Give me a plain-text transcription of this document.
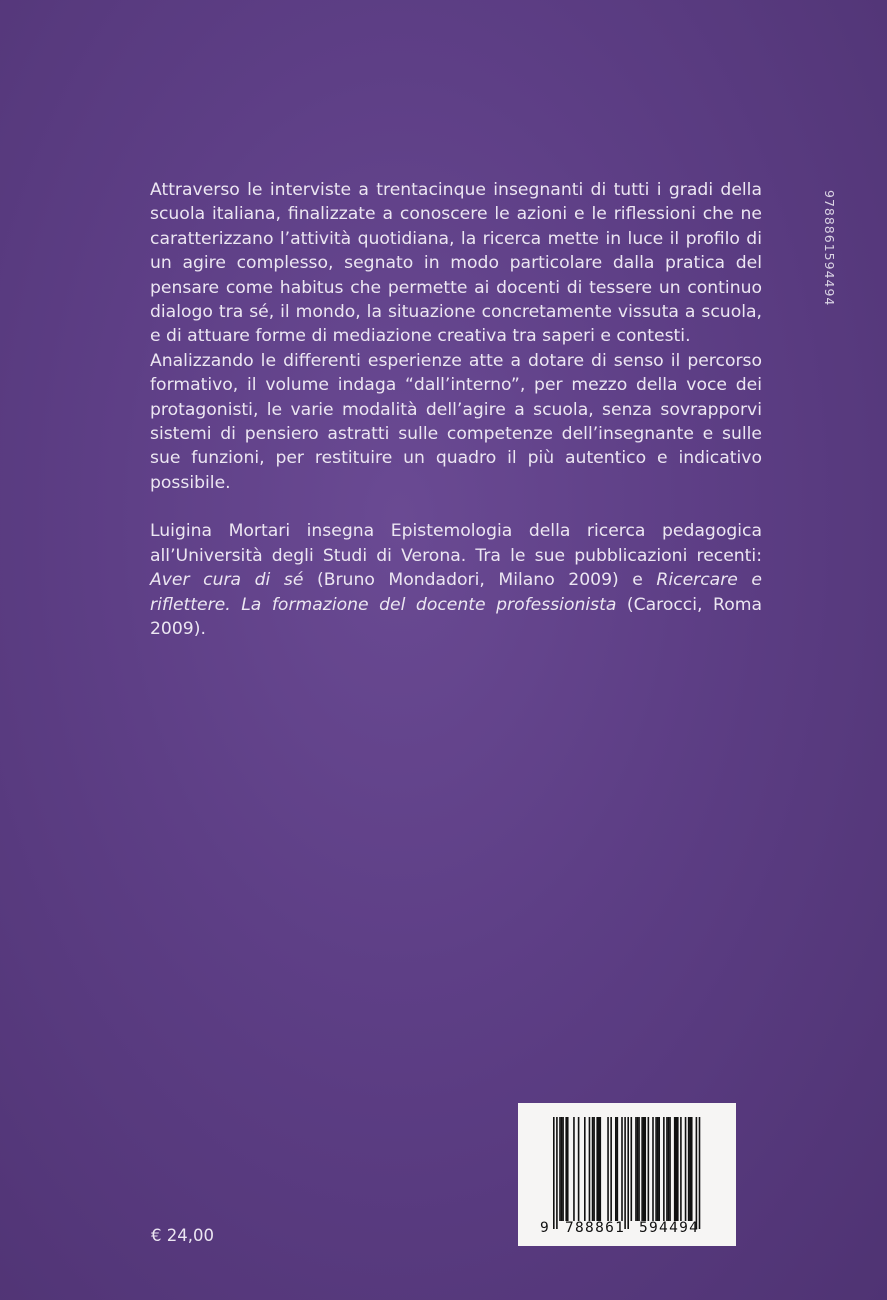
Attraverso le interviste a trentacinque insegnanti di tutti i gradi della scuola italiana, finalizzate a conoscere le azioni e le riflessioni che ne caratterizzano l’attività quotidiana, la ricerca mette in luce il profilo di un agire complesso, segnato in modo particolare dalla pratica del pensare come habitus che permette ai docenti di tessere un continuo dialogo tra sé, il mondo, la situazione concretamente vissuta a scuola, e di attuare forme di mediazione creativa tra saperi e contesti.

Analizzando le differenti esperienze atte a dotare di senso il percorso formativo, il volume indaga “dall’interno”, per mezzo della voce dei protagonisti, le varie modalità dell’agire a scuola, senza sovrapporvi sistemi di pensiero astratti sulle competenze dell’insegnante e sulle sue funzioni, per restituire un quadro il più autentico e indicativo possibile.

Luigina Mortari insegna Epistemologia della ricerca pedagogica all’Università degli Studi di Verona. Tra le sue pubblicazioni recenti: Aver cura di sé (Bruno Mondadori, Milano 2009) e Ricercare e riflettere. La formazione del docente professionista (Carocci, Roma 2009).

9788861594494
€ 24,00	9 788861 594494
